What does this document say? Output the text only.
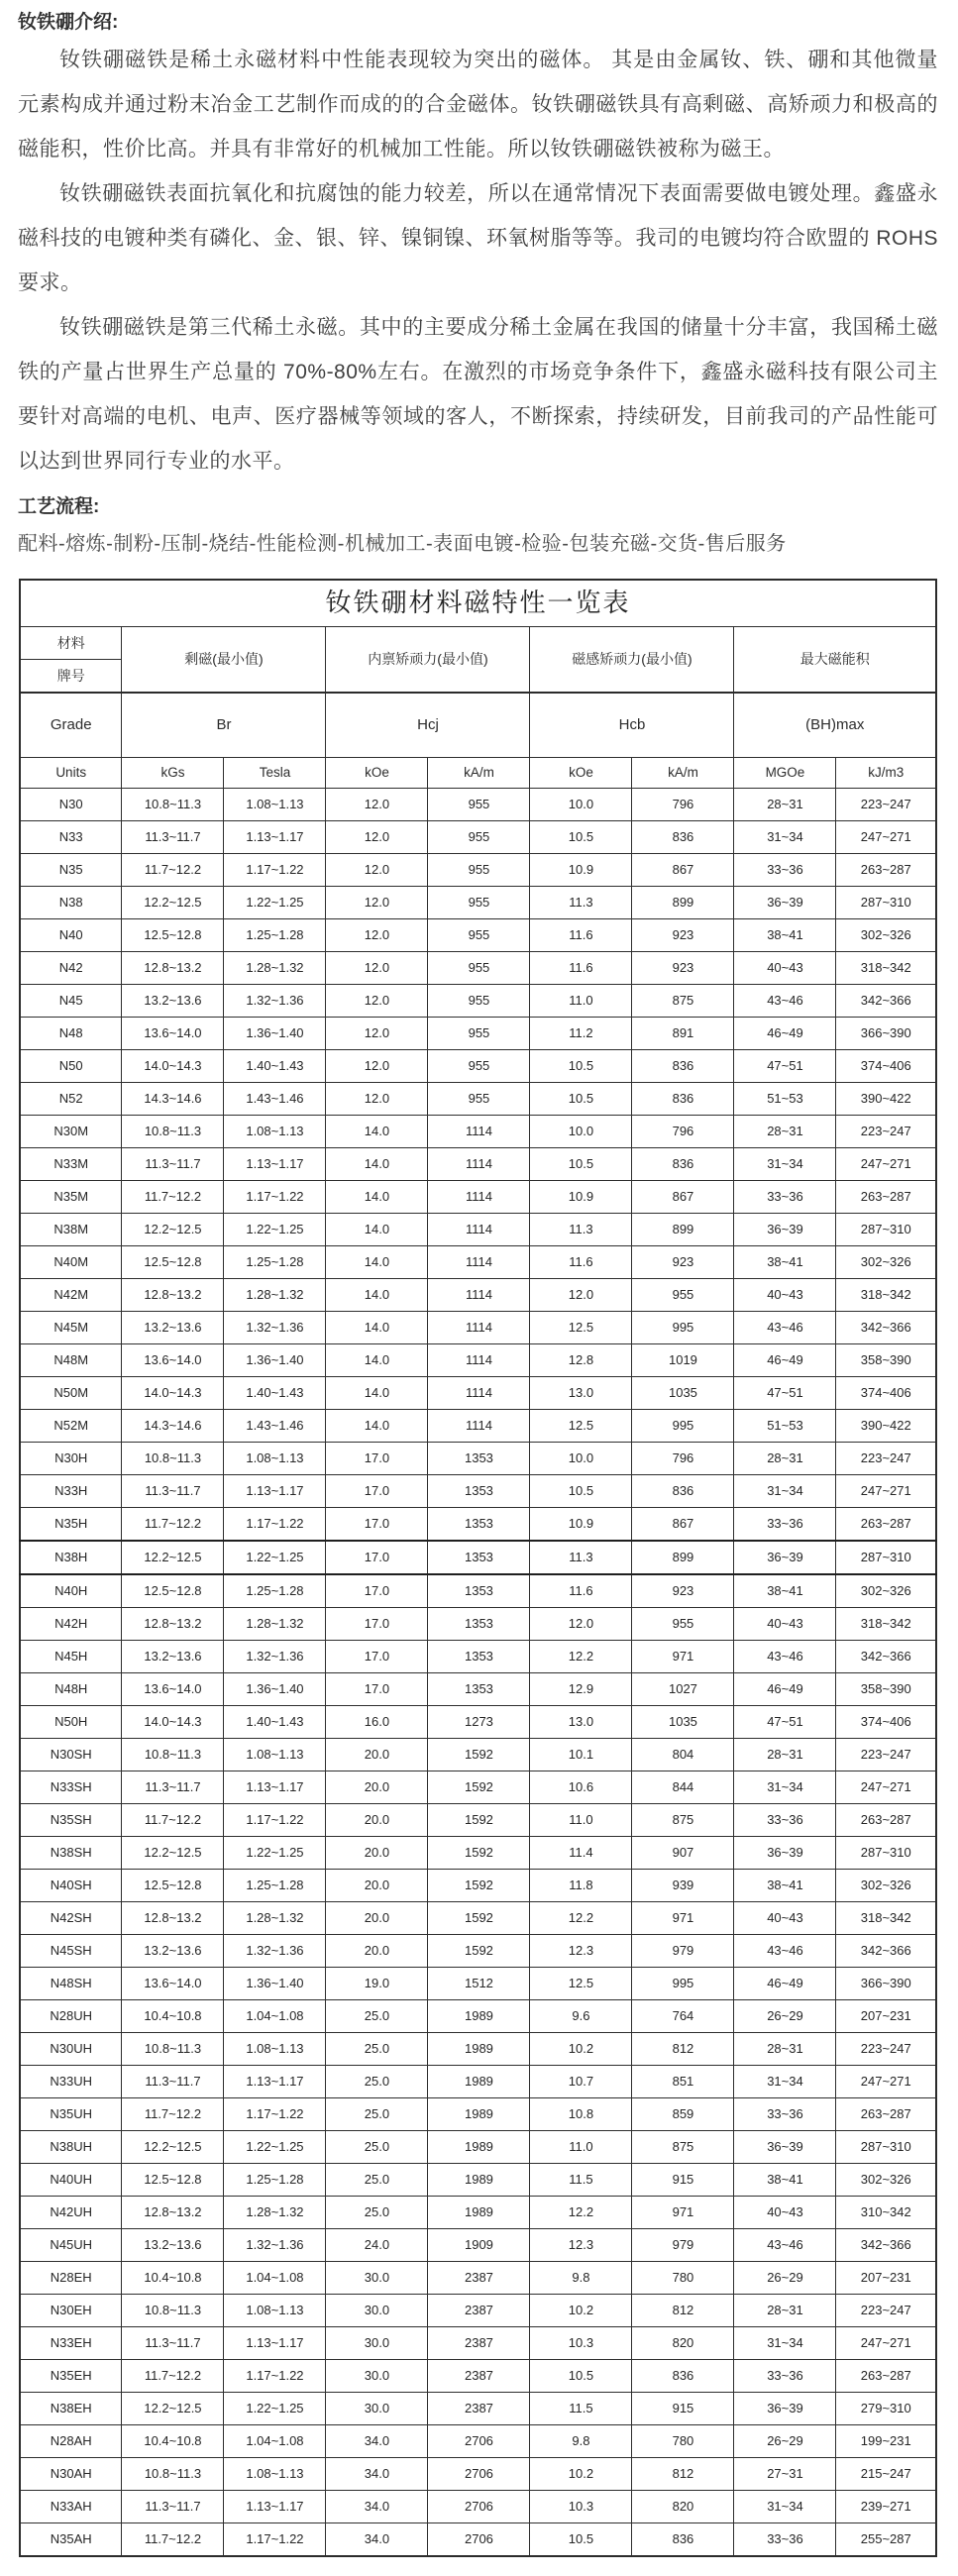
钕铁硼介绍:

钕铁硼磁铁是稀土永磁材料中性能表现较为突出的磁体。 其是由金属钕、铁、硼和其他微量元素构成并通过粉末冶金工艺制作而成的的合金磁体。钕铁硼磁铁具有高剩磁、高矫顽力和极高的磁能积，性价比高。并具有非常好的机械加工性能。所以钕铁硼磁铁被称为磁王。

钕铁硼磁铁表面抗氧化和抗腐蚀的能力较差，所以在通常情况下表面需要做电镀处理。鑫盛永磁科技的电镀种类有磷化、金、银、锌、镍铜镍、环氧树脂等等。我司的电镀均符合欧盟的 ROHS 要求。

钕铁硼磁铁是第三代稀土永磁。其中的主要成分稀土金属在我国的储量十分丰富，我国稀土磁铁的产量占世界生产总量的 70%-80%左右。在激烈的市场竞争条件下，鑫盛永磁科技有限公司主要针对高端的电机、电声、医疗器械等领域的客人，不断探索，持续研发，目前我司的产品性能可以达到世界同行专业的水平。

工艺流程:

配料-熔炼-制粉-压制-烧结-性能检测-机械加工-表面电镀-检验-包装充磁-交货-售后服务

钕铁硼材料磁特性一览表								
材料	剩磁(最小值)		内禀矫顽力(最小值)		磁感矫顽力(最小值)		最大磁能积	
牌号								
Grade	Br		Hcj		Hcb		(BH)max	
Units	kGs	Tesla	kOe	kA/m	kOe	kA/m	MGOe	kJ/m3
N30	10.8~11.3	1.08~1.13	12.0	955	10.0	796	28~31	223~247
N33	11.3~11.7	1.13~1.17	12.0	955	10.5	836	31~34	247~271
N35	11.7~12.2	1.17~1.22	12.0	955	10.9	867	33~36	263~287
N38	12.2~12.5	1.22~1.25	12.0	955	11.3	899	36~39	287~310
N40	12.5~12.8	1.25~1.28	12.0	955	11.6	923	38~41	302~326
N42	12.8~13.2	1.28~1.32	12.0	955	11.6	923	40~43	318~342
N45	13.2~13.6	1.32~1.36	12.0	955	11.0	875	43~46	342~366
N48	13.6~14.0	1.36~1.40	12.0	955	11.2	891	46~49	366~390
N50	14.0~14.3	1.40~1.43	12.0	955	10.5	836	47~51	374~406
N52	14.3~14.6	1.43~1.46	12.0	955	10.5	836	51~53	390~422
N30M	10.8~11.3	1.08~1.13	14.0	1114	10.0	796	28~31	223~247
N33M	11.3~11.7	1.13~1.17	14.0	1114	10.5	836	31~34	247~271
N35M	11.7~12.2	1.17~1.22	14.0	1114	10.9	867	33~36	263~287
N38M	12.2~12.5	1.22~1.25	14.0	1114	11.3	899	36~39	287~310
N40M	12.5~12.8	1.25~1.28	14.0	1114	11.6	923	38~41	302~326
N42M	12.8~13.2	1.28~1.32	14.0	1114	12.0	955	40~43	318~342
N45M	13.2~13.6	1.32~1.36	14.0	1114	12.5	995	43~46	342~366
N48M	13.6~14.0	1.36~1.40	14.0	1114	12.8	1019	46~49	358~390
N50M	14.0~14.3	1.40~1.43	14.0	1114	13.0	1035	47~51	374~406
N52M	14.3~14.6	1.43~1.46	14.0	1114	12.5	995	51~53	390~422
N30H	10.8~11.3	1.08~1.13	17.0	1353	10.0	796	28~31	223~247
N33H	11.3~11.7	1.13~1.17	17.0	1353	10.5	836	31~34	247~271
N35H	11.7~12.2	1.17~1.22	17.0	1353	10.9	867	33~36	263~287
N38H	12.2~12.5	1.22~1.25	17.0	1353	11.3	899	36~39	287~310
N40H	12.5~12.8	1.25~1.28	17.0	1353	11.6	923	38~41	302~326
N42H	12.8~13.2	1.28~1.32	17.0	1353	12.0	955	40~43	318~342
N45H	13.2~13.6	1.32~1.36	17.0	1353	12.2	971	43~46	342~366
N48H	13.6~14.0	1.36~1.40	17.0	1353	12.9	1027	46~49	358~390
N50H	14.0~14.3	1.40~1.43	16.0	1273	13.0	1035	47~51	374~406
N30SH	10.8~11.3	1.08~1.13	20.0	1592	10.1	804	28~31	223~247
N33SH	11.3~11.7	1.13~1.17	20.0	1592	10.6	844	31~34	247~271
N35SH	11.7~12.2	1.17~1.22	20.0	1592	11.0	875	33~36	263~287
N38SH	12.2~12.5	1.22~1.25	20.0	1592	11.4	907	36~39	287~310
N40SH	12.5~12.8	1.25~1.28	20.0	1592	11.8	939	38~41	302~326
N42SH	12.8~13.2	1.28~1.32	20.0	1592	12.2	971	40~43	318~342
N45SH	13.2~13.6	1.32~1.36	20.0	1592	12.3	979	43~46	342~366
N48SH	13.6~14.0	1.36~1.40	19.0	1512	12.5	995	46~49	366~390
N28UH	10.4~10.8	1.04~1.08	25.0	1989	9.6	764	26~29	207~231
N30UH	10.8~11.3	1.08~1.13	25.0	1989	10.2	812	28~31	223~247
N33UH	11.3~11.7	1.13~1.17	25.0	1989	10.7	851	31~34	247~271
N35UH	11.7~12.2	1.17~1.22	25.0	1989	10.8	859	33~36	263~287
N38UH	12.2~12.5	1.22~1.25	25.0	1989	11.0	875	36~39	287~310
N40UH	12.5~12.8	1.25~1.28	25.0	1989	11.5	915	38~41	302~326
N42UH	12.8~13.2	1.28~1.32	25.0	1989	12.2	971	40~43	310~342
N45UH	13.2~13.6	1.32~1.36	24.0	1909	12.3	979	43~46	342~366
N28EH	10.4~10.8	1.04~1.08	30.0	2387	9.8	780	26~29	207~231
N30EH	10.8~11.3	1.08~1.13	30.0	2387	10.2	812	28~31	223~247
N33EH	11.3~11.7	1.13~1.17	30.0	2387	10.3	820	31~34	247~271
N35EH	11.7~12.2	1.17~1.22	30.0	2387	10.5	836	33~36	263~287
N38EH	12.2~12.5	1.22~1.25	30.0	2387	11.5	915	36~39	279~310
N28AH	10.4~10.8	1.04~1.08	34.0	2706	9.8	780	26~29	199~231
N30AH	10.8~11.3	1.08~1.13	34.0	2706	10.2	812	27~31	215~247
N33AH	11.3~11.7	1.13~1.17	34.0	2706	10.3	820	31~34	239~271
N35AH	11.7~12.2	1.17~1.22	34.0	2706	10.5	836	33~36	255~287
